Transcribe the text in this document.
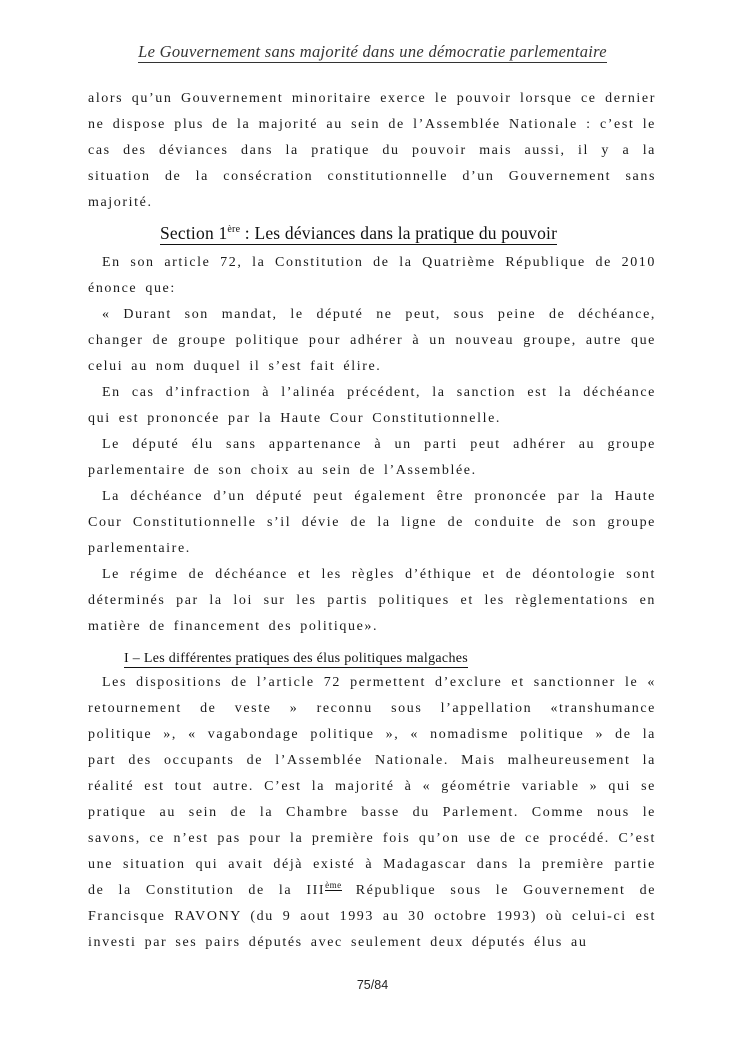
Le Gouvernement sans majorité dans une démocratie parlementaire

alors qu’un Gouvernement minoritaire exerce le pouvoir lorsque ce dernier ne dispose plus de la majorité au sein de l’Assemblée Nationale : c’est le cas des déviances dans la pratique du pouvoir mais aussi, il y a la situation de la consécration constitutionnelle d’un Gouvernement sans majorité.

Section 1ère : Les déviances dans la pratique du pouvoir

En son article 72, la Constitution de la Quatrième République de 2010 énonce que:

« Durant son mandat, le député ne peut, sous peine de déchéance, changer de groupe politique pour adhérer à un nouveau groupe, autre que celui au nom duquel il s’est fait élire.

En cas d’infraction à l’alinéa précédent, la sanction est la déchéance qui est prononcée par la Haute Cour Constitutionnelle.

Le député élu sans appartenance à un parti peut adhérer au groupe parlementaire de son choix au sein de l’Assemblée.

La déchéance d’un député peut également être prononcée par la Haute Cour Constitutionnelle s’il dévie de la ligne de conduite de son groupe parlementaire.

Le régime de déchéance et les règles d’éthique et de déontologie sont déterminés par la loi sur les partis politiques et les règlementations en matière de financement des politique».

I – Les différentes pratiques des élus politiques malgaches

Les dispositions de l’article 72 permettent d’exclure et sanctionner le « retournement de veste » reconnu sous l’appellation «transhumance politique », « vagabondage politique », « nomadisme politique » de la part des occupants de l’Assemblée Nationale. Mais malheureusement la réalité est tout autre. C’est la majorité à « géométrie variable » qui se pratique au sein de la Chambre basse du Parlement. Comme nous le savons, ce n’est pas pour la première fois qu’on use de ce procédé. C’est une situation qui avait déjà existé à Madagascar dans la première partie de la Constitution de la IIIème République sous le Gouvernement de Francisque RAVONY (du 9 aout 1993 au 30 octobre 1993) où celui-ci est investi par ses pairs députés avec seulement deux députés élus au

75/84
